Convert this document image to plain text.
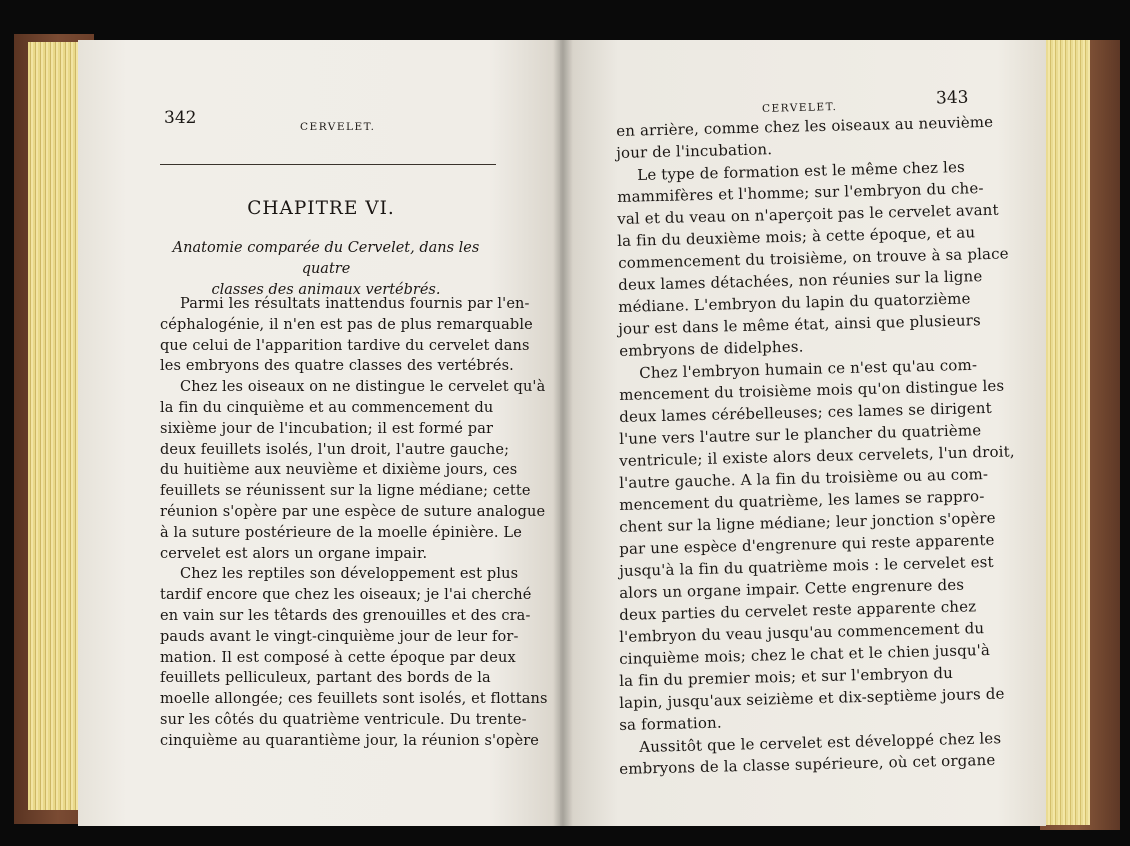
342	CERVELET.
CHAPITRE VI.
Anatomie comparée du Cervelet, dans les quatre
classes des animaux vertébrés.
Parmi les résultats inattendus fournis par l'en-
céphalogénie, il n'en est pas de plus remarquable
que celui de l'apparition tardive du cervelet dans
les embryons des quatre classes des vertébrés.
Chez les oiseaux on ne distingue le cervelet qu'à
la fin du cinquième et au commencement du
sixième jour de l'incubation; il est formé par
deux feuillets isolés, l'un droit, l'autre gauche;
du huitième aux neuvième et dixième jours, ces
feuillets se réunissent sur la ligne médiane; cette
réunion s'opère par une espèce de suture analogue
à la suture postérieure de la moelle épinière. Le
cervelet est alors un organe impair.
Chez les reptiles son développement est plus
tardif encore que chez les oiseaux; je l'ai cherché
en vain sur les têtards des grenouilles et des cra-
pauds avant le vingt-cinquième jour de leur for-
mation. Il est composé à cette époque par deux
feuillets pelliculeux, partant des bords de la
moelle allongée; ces feuillets sont isolés, et flottans
sur les côtés du quatrième ventricule. Du trente-
cinquième au quarantième jour, la réunion s'opère
CERVELET.	343
en arrière, comme chez les oiseaux au neuvième
jour de l'incubation.
Le type de formation est le même chez les
mammifères et l'homme; sur l'embryon du che-
val et du veau on n'aperçoit pas le cervelet avant
la fin du deuxième mois; à cette époque, et au
commencement du troisième, on trouve à sa place
deux lames détachées, non réunies sur la ligne
médiane. L'embryon du lapin du quatorzième
jour est dans le même état, ainsi que plusieurs
embryons de didelphes.
Chez l'embryon humain ce n'est qu'au com-
mencement du troisième mois qu'on distingue les
deux lames cérébelleuses; ces lames se dirigent
l'une vers l'autre sur le plancher du quatrième
ventricule; il existe alors deux cervelets, l'un droit,
l'autre gauche. A la fin du troisième ou au com-
mencement du quatrième, les lames se rappro-
chent sur la ligne médiane; leur jonction s'opère
par une espèce d'engrenure qui reste apparente
jusqu'à la fin du quatrième mois : le cervelet est
alors un organe impair. Cette engrenure des
deux parties du cervelet reste apparente chez
l'embryon du veau jusqu'au commencement du
cinquième mois; chez le chat et le chien jusqu'à
la fin du premier mois; et sur l'embryon du
lapin, jusqu'aux seizième et dix-septième jours de
sa formation.
Aussitôt que le cervelet est développé chez les
embryons de la classe supérieure, où cet organe
